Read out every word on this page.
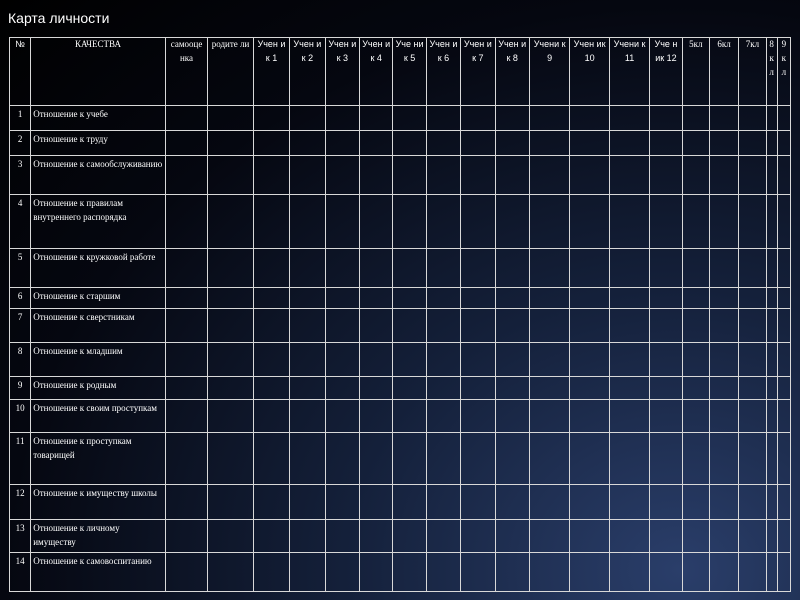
Карта личности
№	КАЧЕСТВА	самооце нка	родите ли	Учен ик 1	Учен ик 2	Учен ик 3	Учен ик 4	Уче ник 5	Учен ик 6	Учен ик 7	Учен ик 8	Учени к 9	Учен ик 10	Учени к 11	Уче ник 12	5кл	6кл	7кл	8 к л	9 к л
1	Отношение к учебе																			
2	Отношение к труду																			
3	Отношение к самообслуживанию																			
4	Отношение к правилам внутреннего распорядка																			
5	Отношение к кружковой работе																			
6	Отношение к старшим																			
7	Отношение к сверстникам																			
8	Отношение к младшим																			
9	Отношение к родным																			
10	Отношение к своим проступкам																			
11	Отношение к проступкам товарищей																			
12	Отношение к имуществу школы																			
13	Отношение к личному имуществу																			
14	Отношение к самовоспитанию																			
